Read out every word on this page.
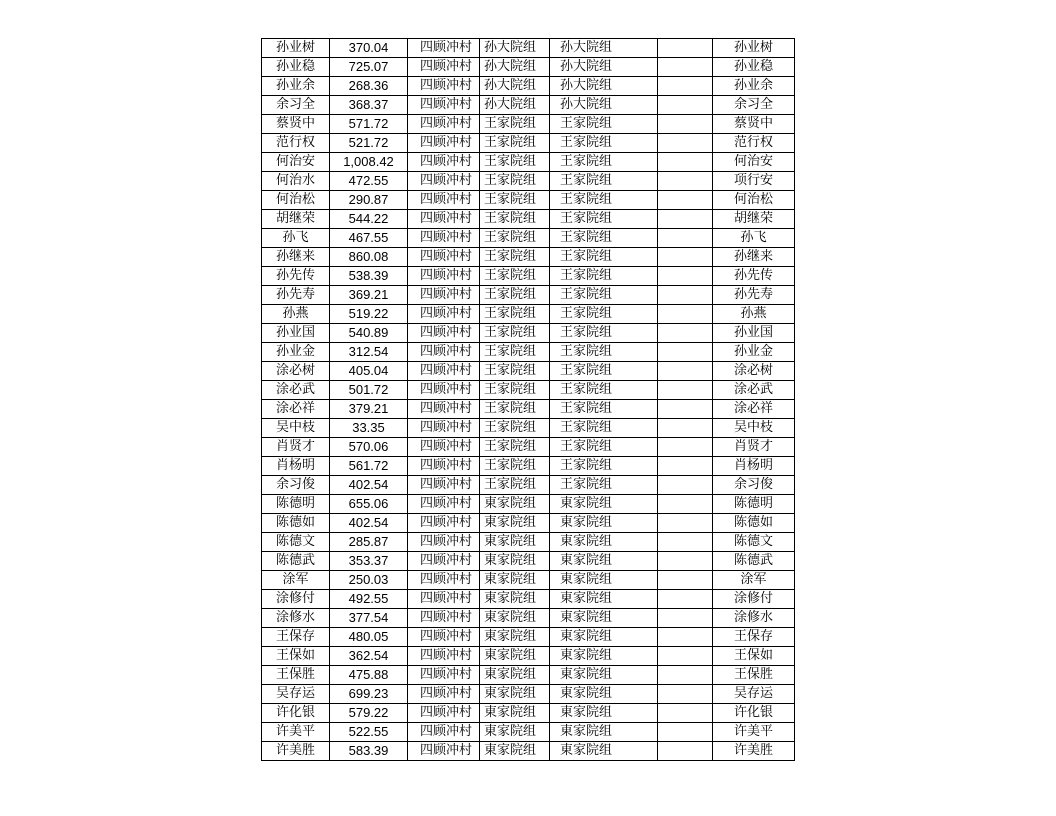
孙业树	370.04	四顾冲村	孙大院组	孙大院组		孙业树
孙业稳	725.07	四顾冲村	孙大院组	孙大院组		孙业稳
孙业余	268.36	四顾冲村	孙大院组	孙大院组		孙业余
余习全	368.37	四顾冲村	孙大院组	孙大院组		余习全
蔡贤中	571.72	四顾冲村	王家院组	王家院组		蔡贤中
范行权	521.72	四顾冲村	王家院组	王家院组		范行权
何治安	1,008.42	四顾冲村	王家院组	王家院组		何治安
何治水	472.55	四顾冲村	王家院组	王家院组		项行安
何治松	290.87	四顾冲村	王家院组	王家院组		何治松
胡继荣	544.22	四顾冲村	王家院组	王家院组		胡继荣
孙飞	467.55	四顾冲村	王家院组	王家院组		孙飞
孙继来	860.08	四顾冲村	王家院组	王家院组		孙继来
孙先传	538.39	四顾冲村	王家院组	王家院组		孙先传
孙先寿	369.21	四顾冲村	王家院组	王家院组		孙先寿
孙燕	519.22	四顾冲村	王家院组	王家院组		孙燕
孙业国	540.89	四顾冲村	王家院组	王家院组		孙业国
孙业金	312.54	四顾冲村	王家院组	王家院组		孙业金
涂必树	405.04	四顾冲村	王家院组	王家院组		涂必树
涂必武	501.72	四顾冲村	王家院组	王家院组		涂必武
涂必祥	379.21	四顾冲村	王家院组	王家院组		涂必祥
吴中枝	33.35	四顾冲村	王家院组	王家院组		吴中枝
肖贤才	570.06	四顾冲村	王家院组	王家院组		肖贤才
肖杨明	561.72	四顾冲村	王家院组	王家院组		肖杨明
余习俊	402.54	四顾冲村	王家院组	王家院组		余习俊
陈德明	655.06	四顾冲村	東家院组	東家院组		陈德明
陈德如	402.54	四顾冲村	東家院组	東家院组		陈德如
陈德文	285.87	四顾冲村	東家院组	東家院组		陈德文
陈德武	353.37	四顾冲村	東家院组	東家院组		陈德武
涂军	250.03	四顾冲村	東家院组	東家院组		涂军
涂修付	492.55	四顾冲村	東家院组	東家院组		涂修付
涂修水	377.54	四顾冲村	東家院组	東家院组		涂修水
王保存	480.05	四顾冲村	東家院组	東家院组		王保存
王保如	362.54	四顾冲村	東家院组	東家院组		王保如
王保胜	475.88	四顾冲村	東家院组	東家院组		王保胜
吴存运	699.23	四顾冲村	東家院组	東家院组		吴存运
许化银	579.22	四顾冲村	東家院组	東家院组		许化银
许美平	522.55	四顾冲村	東家院组	東家院组		许美平
许美胜	583.39	四顾冲村	東家院组	東家院组		许美胜
